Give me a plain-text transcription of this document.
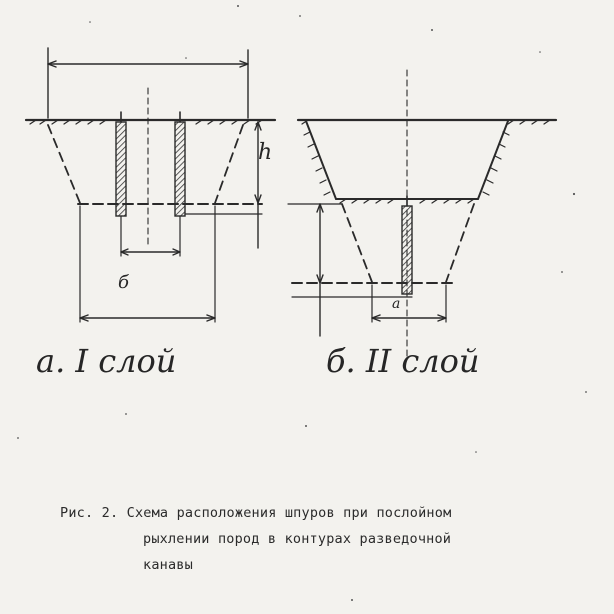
h
б
а
а. I слой	б. II слой
Рис. 2. Схема расположения шпуров при послойном
рыхлении пород в контурах разведочной
канавы
